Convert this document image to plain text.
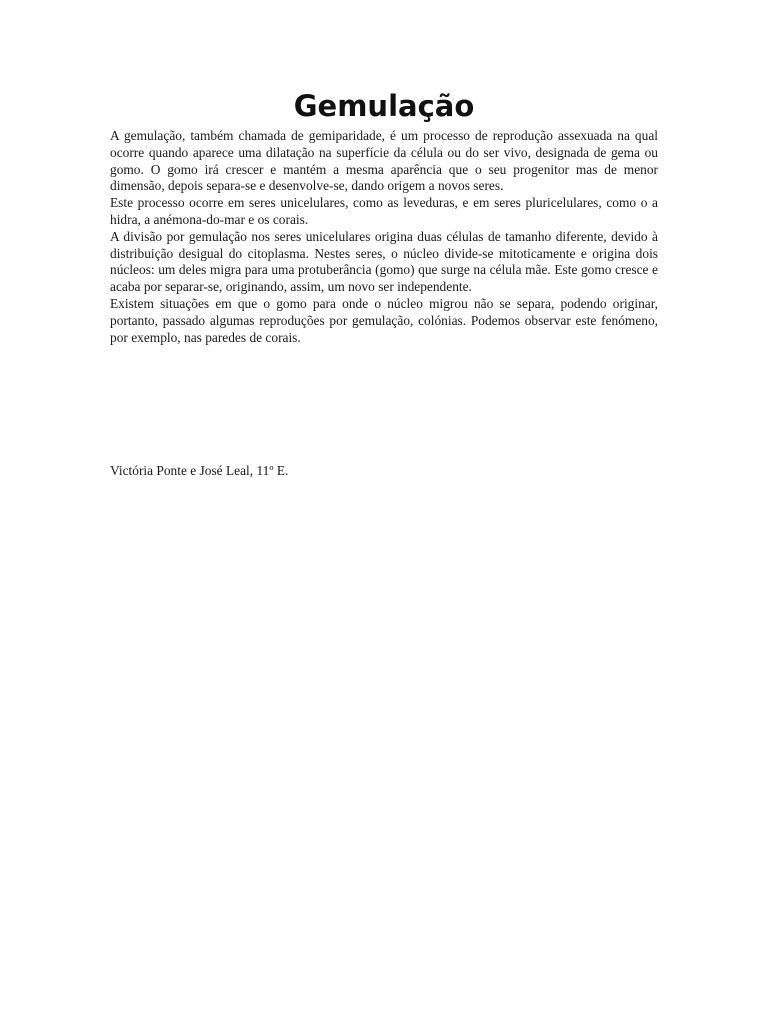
Gemulação

A gemulação, também chamada de gemiparidade, é um processo de reprodução assexuada na qual ocorre quando aparece uma dilatação na superfície da célula ou do ser vivo, designada de gema ou gomo. O gomo irá crescer e mantém a mesma aparência que o seu progenitor mas de menor dimensão, depois separa-se e desenvolve-se, dando origem a novos seres.

Este processo ocorre em seres unicelulares, como as leveduras, e em seres pluricelulares, como o a hidra, a anémona-do-mar e os corais.

A divisão por gemulação nos seres unicelulares origina duas células de tamanho diferente, devido à distribuição desigual do citoplasma. Nestes seres, o núcleo divide-se mitoticamente e origina dois núcleos: um deles migra para uma protuberância (gomo) que surge na célula mãe. Este gomo cresce e acaba por separar-se, originando, assim, um novo ser independente.

Existem situações em que o gomo para onde o núcleo migrou não se separa, podendo originar, portanto, passado algumas reproduções por gemulação, colónias. Podemos observar este fenómeno, por exemplo, nas paredes de corais.

Victória Ponte e José Leal, 11º E.
